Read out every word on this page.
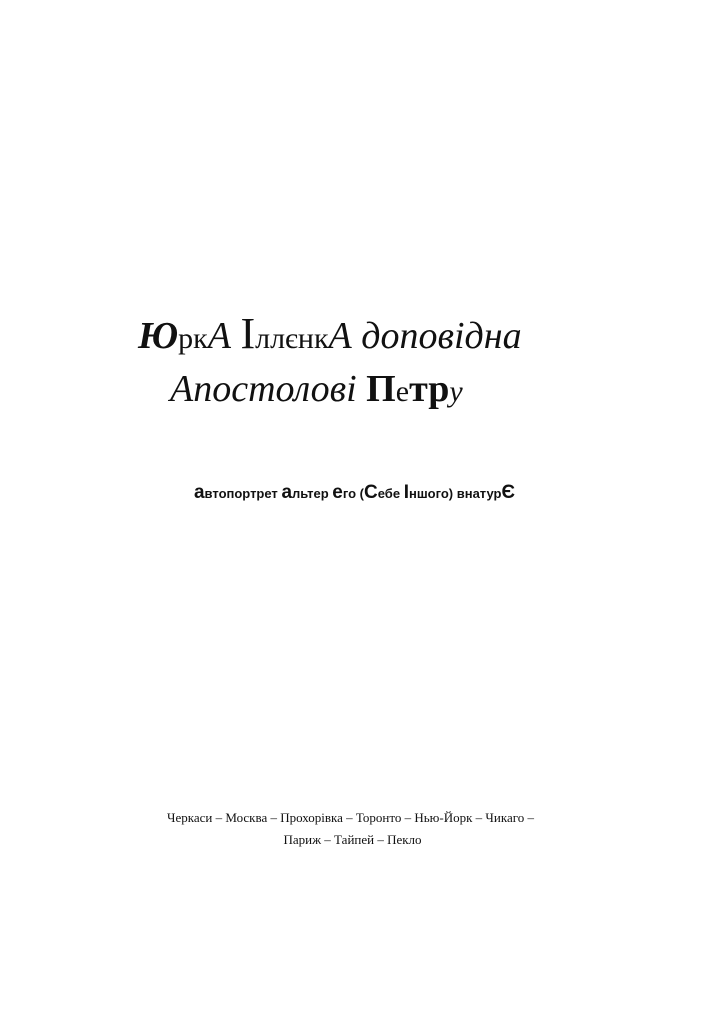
ЮркА ІллєнкА доповідна
Апостолові Петру
автопортрет альтер его (Себе Іншого) внатурЄ
Черкаси – Москва – Прохорівка – Торонто – Нью-Йорк – Чикаго –
Париж – Тайпей – Пекло
